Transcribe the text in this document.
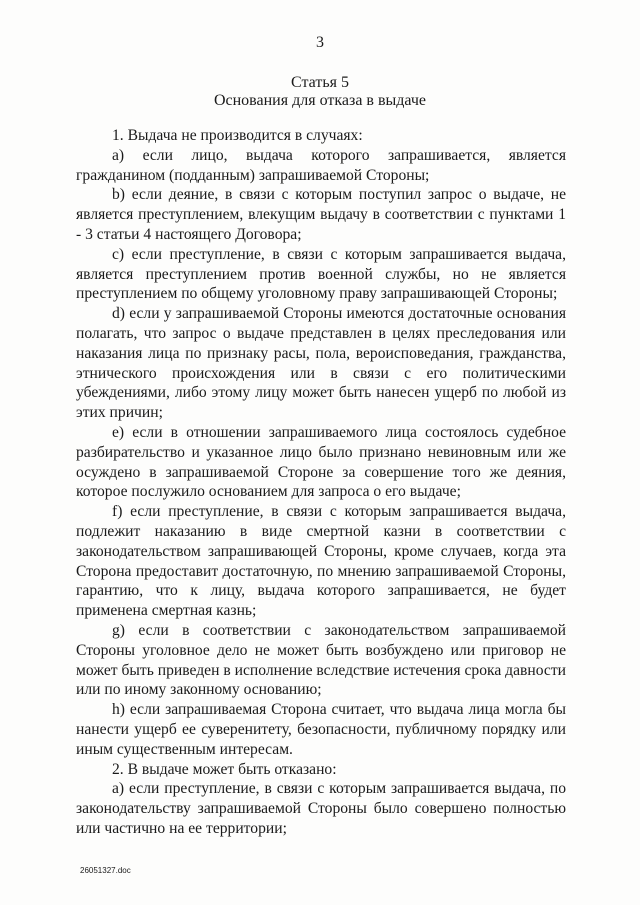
3
Статья 5
Основания для отказа в выдаче

1. Выдача не производится в случаях:

a) если лицо, выдача которого запрашивается, является гражданином (подданным) запрашиваемой Стороны;

b) если деяние, в связи с которым поступил запрос о выдаче, не является преступлением, влекущим выдачу в соответствии с пунктами 1 - 3 статьи 4 настоящего Договора;

c) если преступление, в связи с которым запрашивается выдача, является преступлением против военной службы, но не является преступлением по общему уголовному праву запрашивающей Стороны;

d) если у запрашиваемой Стороны имеются достаточные основания полагать, что запрос о выдаче представлен в целях преследования или наказания лица по признаку расы, пола, вероисповедания, гражданства, этнического происхождения или в связи с его политическими убеждениями, либо этому лицу может быть нанесен ущерб по любой из этих причин;

e) если в отношении запрашиваемого лица состоялось судебное разбирательство и указанное лицо было признано невиновным или же осуждено в запрашиваемой Стороне за совершение того же деяния, которое послужило основанием для запроса о его выдаче;

f) если преступление, в связи с которым запрашивается выдача, подлежит наказанию в виде смертной казни в соответствии с законодательством запрашивающей Стороны, кроме случаев, когда эта Сторона предоставит достаточную, по мнению запрашиваемой Стороны, гарантию, что к лицу, выдача которого запрашивается, не будет применена смертная казнь;

g) если в соответствии с законодательством запрашиваемой Стороны уголовное дело не может быть возбуждено или приговор не может быть приведен в исполнение вследствие истечения срока давности или по иному законному основанию;

h) если запрашиваемая Сторона считает, что выдача лица могла бы нанести ущерб ее суверенитету, безопасности, публичному порядку или иным существенным интересам.

2. В выдаче может быть отказано:

a) если преступление, в связи с которым запрашивается выдача, по законодательству запрашиваемой Стороны было совершено полностью или частично на ее территории;

26051327.doc
